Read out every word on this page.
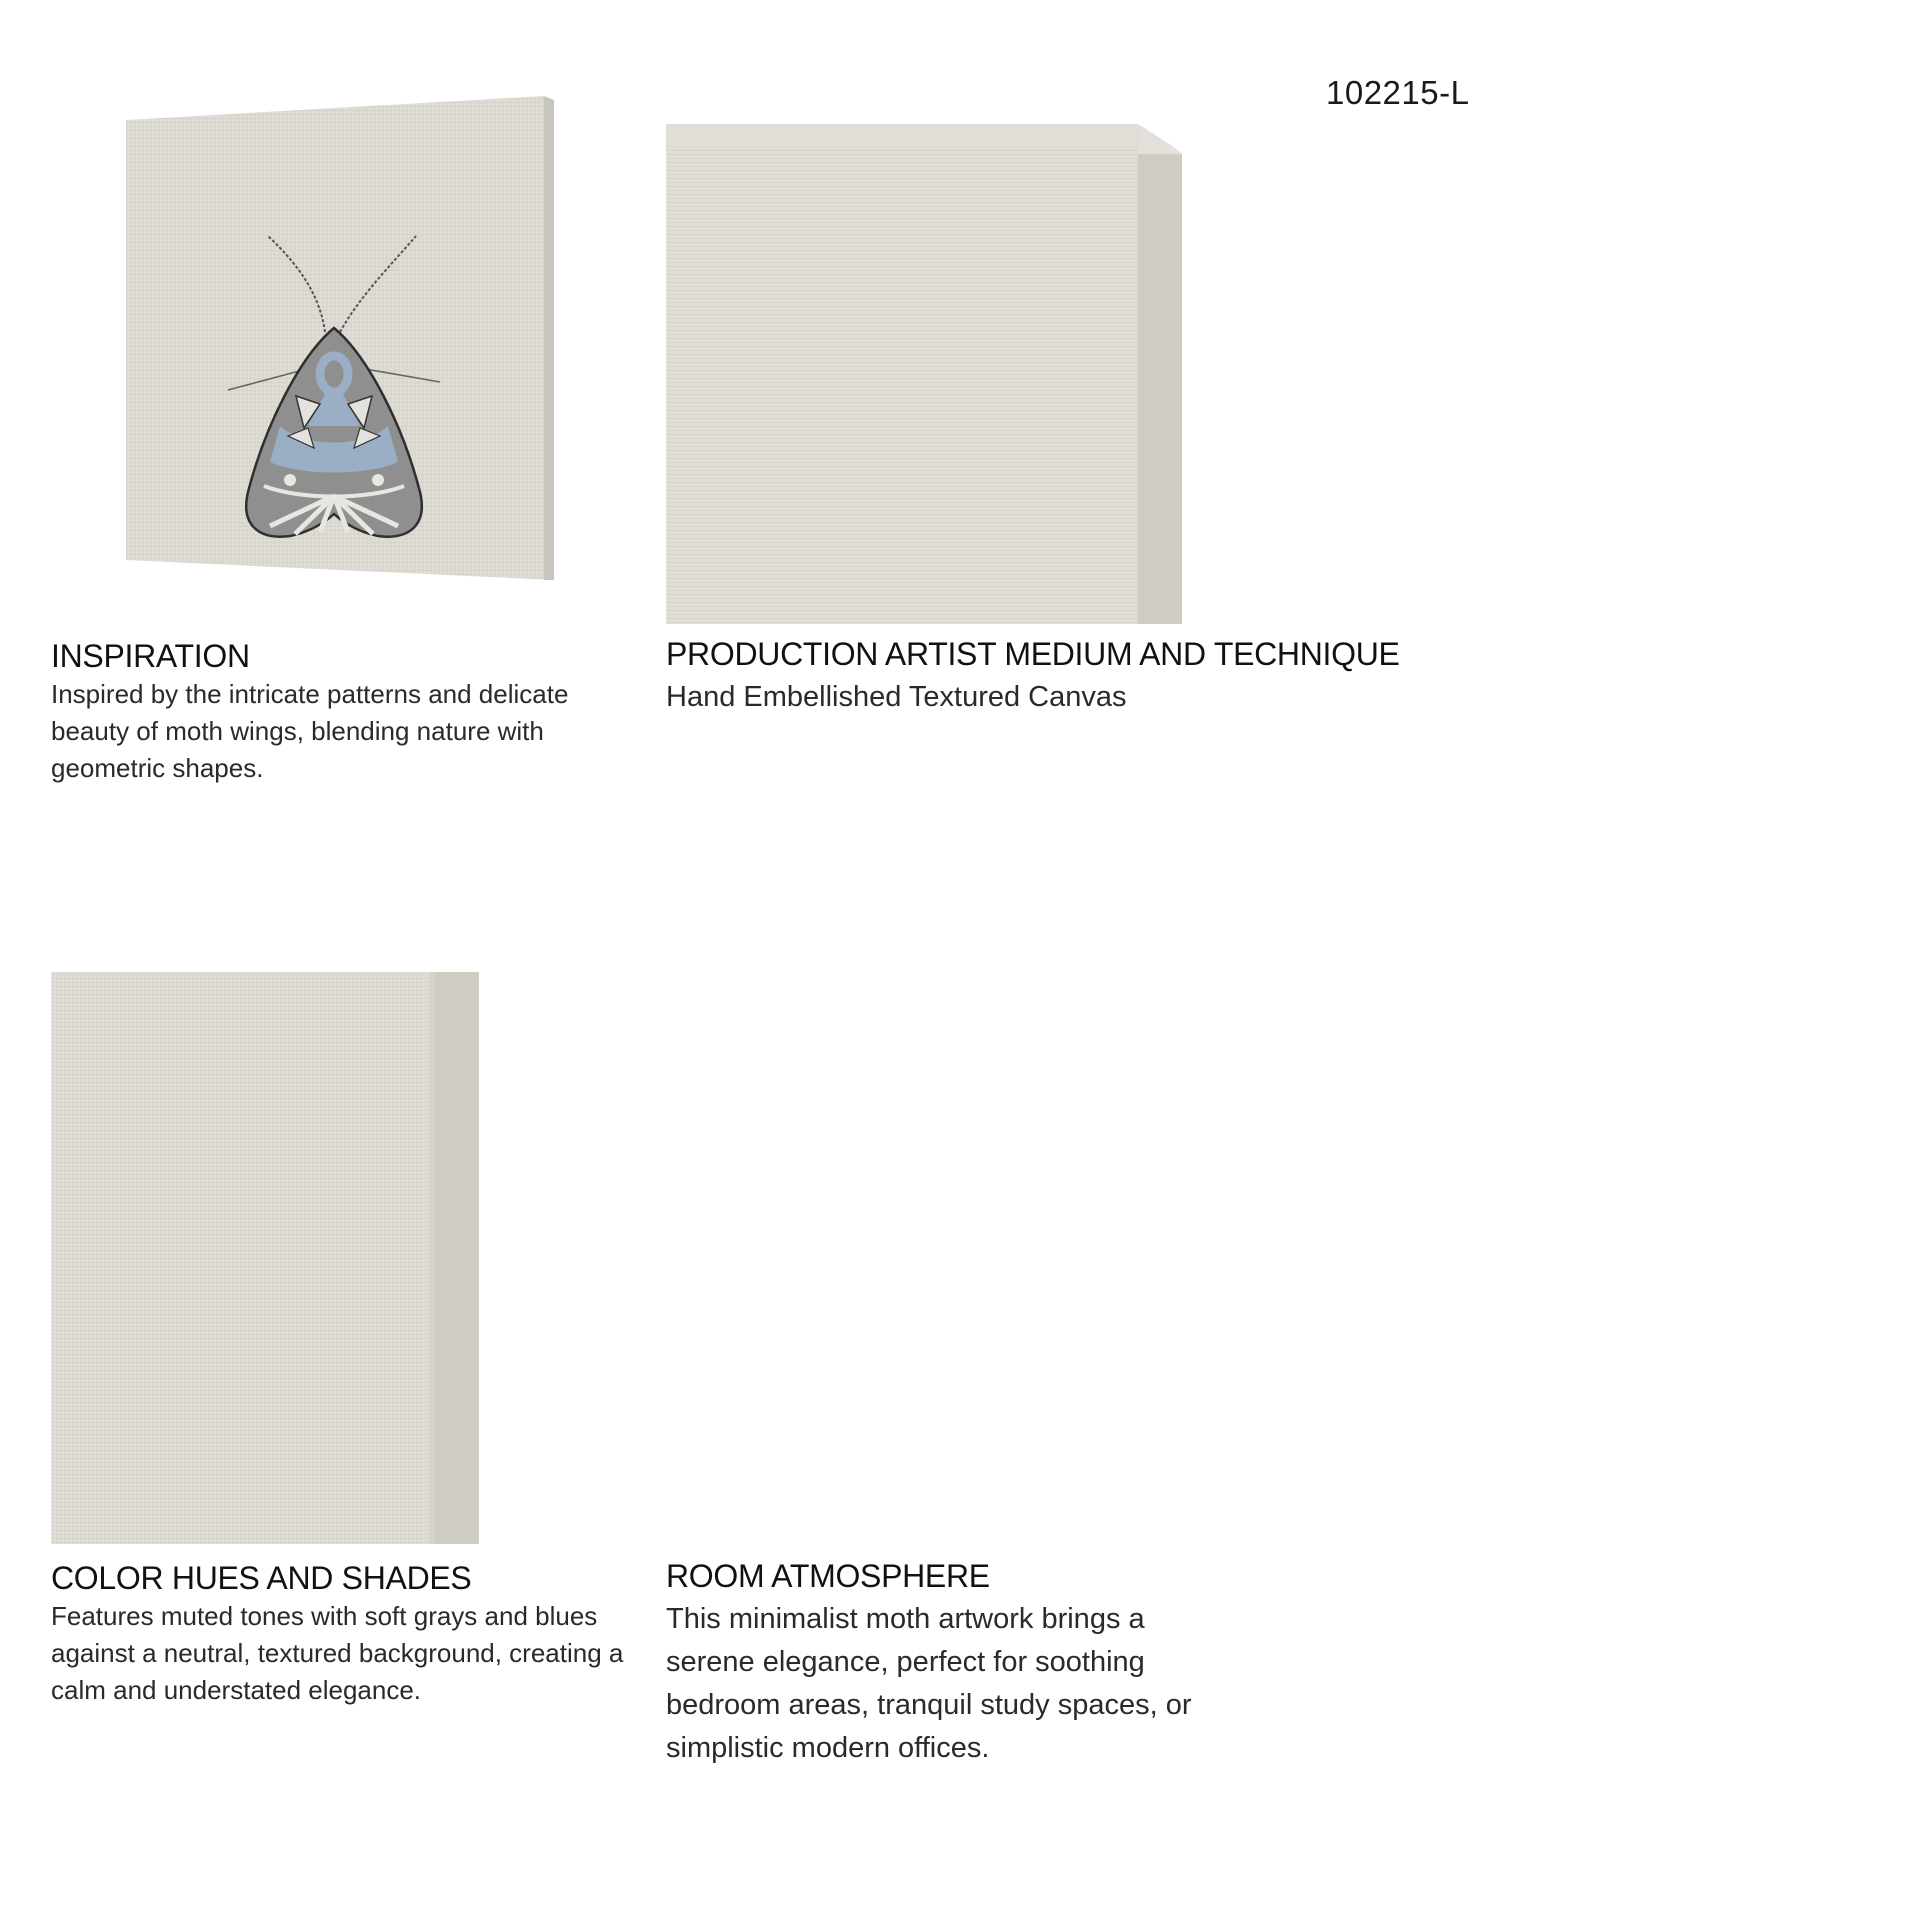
102215-L
INSPIRATION

Inspired by the intricate patterns and delicate beauty of moth wings, blending nature with geometric shapes.

PRODUCTION ARTIST MEDIUM AND TECHNIQUE

Hand Embellished Textured Canvas

COLOR HUES AND SHADES

Features muted tones with soft grays and blues against a neutral, textured background, creating a calm and understated elegance.

ROOM ATMOSPHERE

This minimalist moth artwork brings a serene elegance, perfect for soothing bedroom areas, tranquil study spaces, or simplistic modern offices.
